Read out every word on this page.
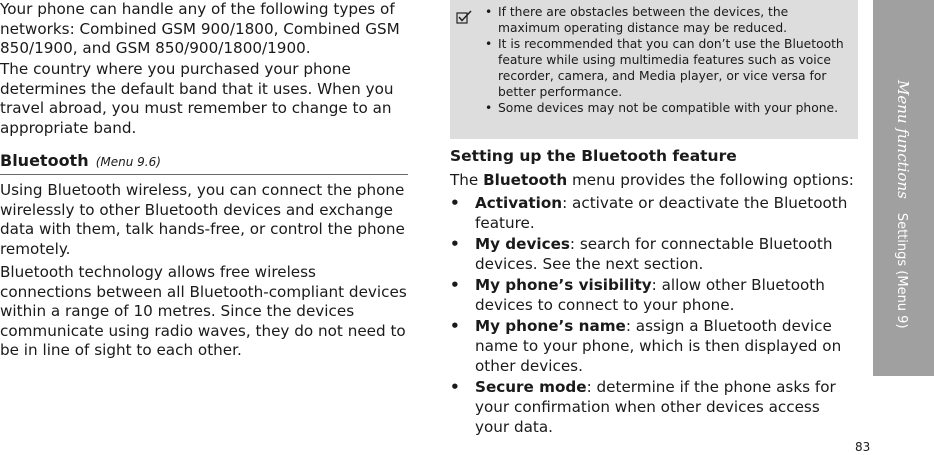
Your phone can handle any of the following types of networks: Combined GSM 900/1800, Combined GSM 850/1900, and GSM 850/900/1800/1900.

The country where you purchased your phone determines the default band that it uses. When you travel abroad, you must remember to change to an appropriate band.

Bluetooth (Menu 9.6)

Using Bluetooth wireless, you can connect the phone wirelessly to other Bluetooth devices and exchange data with them, talk hands-free, or control the phone remotely.

Bluetooth technology allows free wireless connections between all Bluetooth-compliant devices within a range of 10 metres. Since the devices communicate using radio waves, they do not need to be in line of sight to each other.

• If there are obstacles between the devices, the maximum operating distance may be reduced.
• It is recommended that you can don’t use the Bluetooth feature while using multimedia features such as voice recorder, camera, and Media player, or vice versa for better performance.
• Some devices may not be compatible with your phone.
Setting up the Bluetooth feature

The Bluetooth menu provides the following options:

• Activation: activate or deactivate the Bluetooth feature.
• My devices: search for connectable Bluetooth devices. See the next section.
• My phone’s visibility: allow other Bluetooth devices to connect to your phone.
• My phone’s name: assign a Bluetooth device name to your phone, which is then displayed on other devices.
• Secure mode: determine if the phone asks for your confirmation when other devices access your data.
Menu functionsSettings (Menu 9)
83
